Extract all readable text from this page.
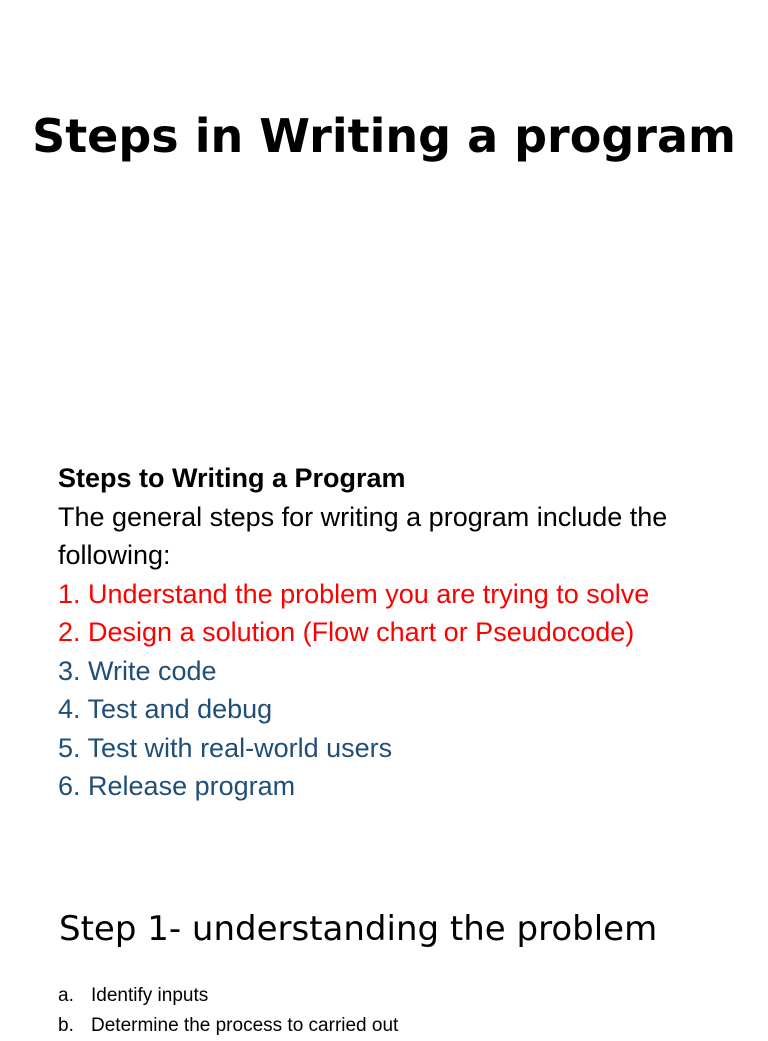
Steps in Writing a program
Steps to Writing a Program
The general steps for writing a program include the following:
1. Understand the problem you are trying to solve
2. Design a solution (Flow chart or Pseudocode)
3. Write code
4. Test and debug
5. Test with real-world users
6. Release program
Step 1- understanding the problem
a. Identify inputs
b. Determine the process to carried out
